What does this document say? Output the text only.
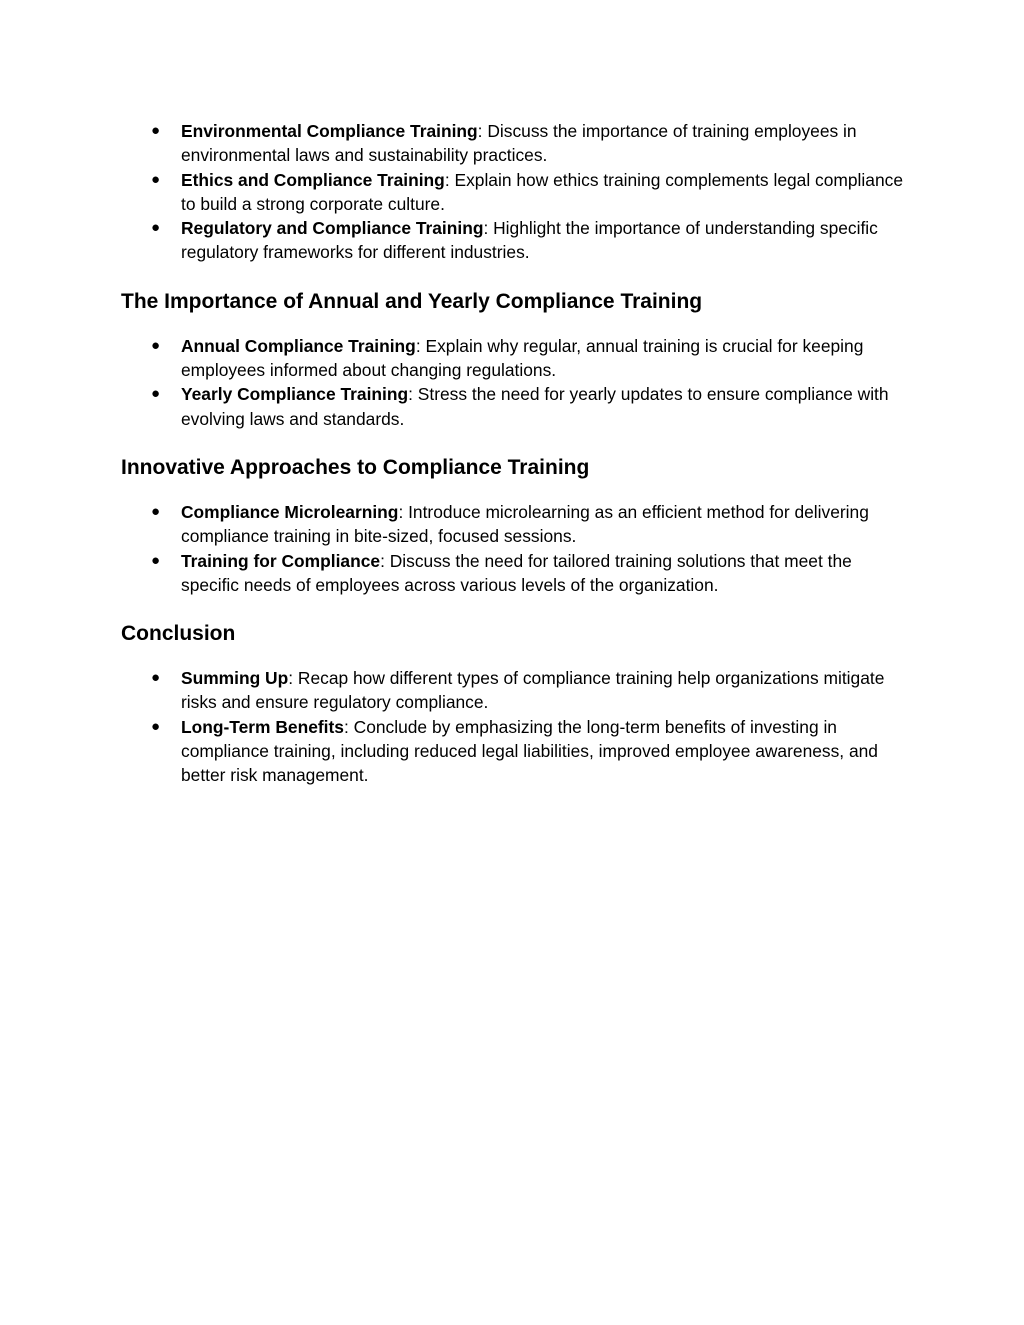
● Environmental Compliance Training: Discuss the importance of training employees in environmental laws and sustainability practices.
● Ethics and Compliance Training: Explain how ethics training complements legal compliance to build a strong corporate culture.
● Regulatory and Compliance Training: Highlight the importance of understanding specific regulatory frameworks for different industries.
The Importance of Annual and Yearly Compliance Training
● Annual Compliance Training: Explain why regular, annual training is crucial for keeping employees informed about changing regulations.
● Yearly Compliance Training: Stress the need for yearly updates to ensure compliance with evolving laws and standards.
Innovative Approaches to Compliance Training
● Compliance Microlearning: Introduce microlearning as an efficient method for delivering compliance training in bite-sized, focused sessions.
● Training for Compliance: Discuss the need for tailored training solutions that meet the specific needs of employees across various levels of the organization.
Conclusion
● Summing Up: Recap how different types of compliance training help organizations mitigate risks and ensure regulatory compliance.
● Long-Term Benefits: Conclude by emphasizing the long-term benefits of investing in compliance training, including reduced legal liabilities, improved employee awareness, and better risk management.
